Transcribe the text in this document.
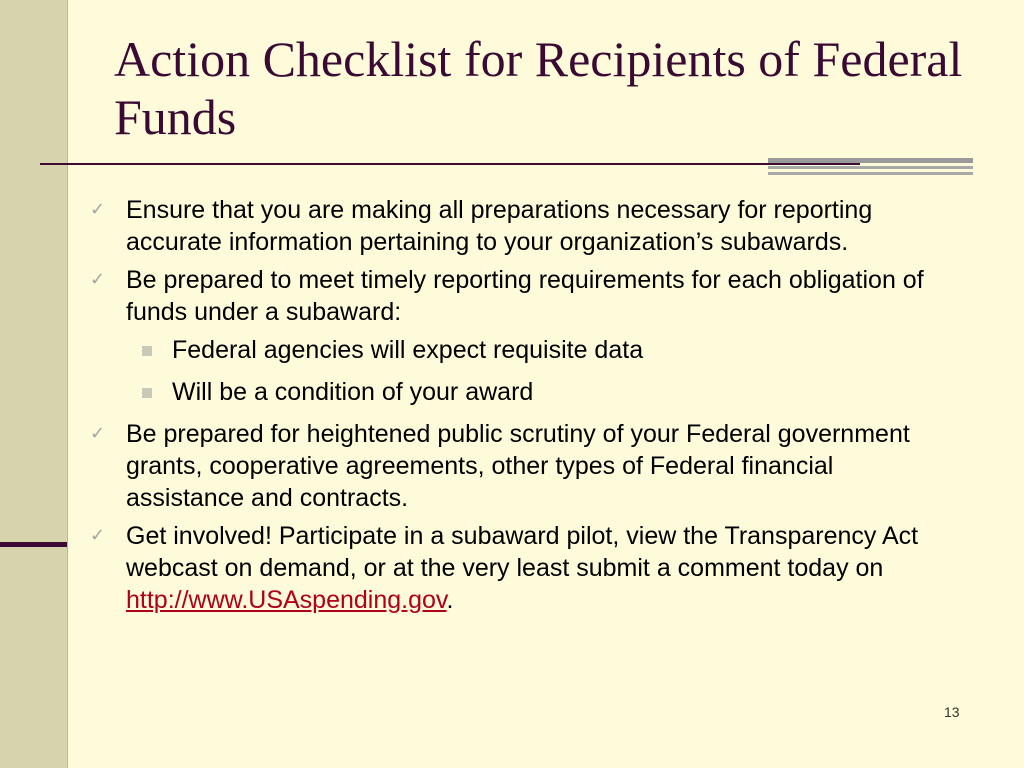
Action Checklist for Recipients of Federal Funds
✓ Ensure that you are making all preparations necessary for reporting accurate information pertaining to your organization’s subawards.
✓ Be prepared to meet timely reporting requirements for each obligation of funds under a subaward:
Federal agencies will expect requisite data
Will be a condition of your award
✓ Be prepared for heightened public scrutiny of your Federal government grants, cooperative agreements, other types of Federal financial assistance and contracts.
✓ Get involved! Participate in a subaward pilot, view the Transparency Act webcast on demand, or at the very least submit a comment today on http://www.USAspending.gov.
13
